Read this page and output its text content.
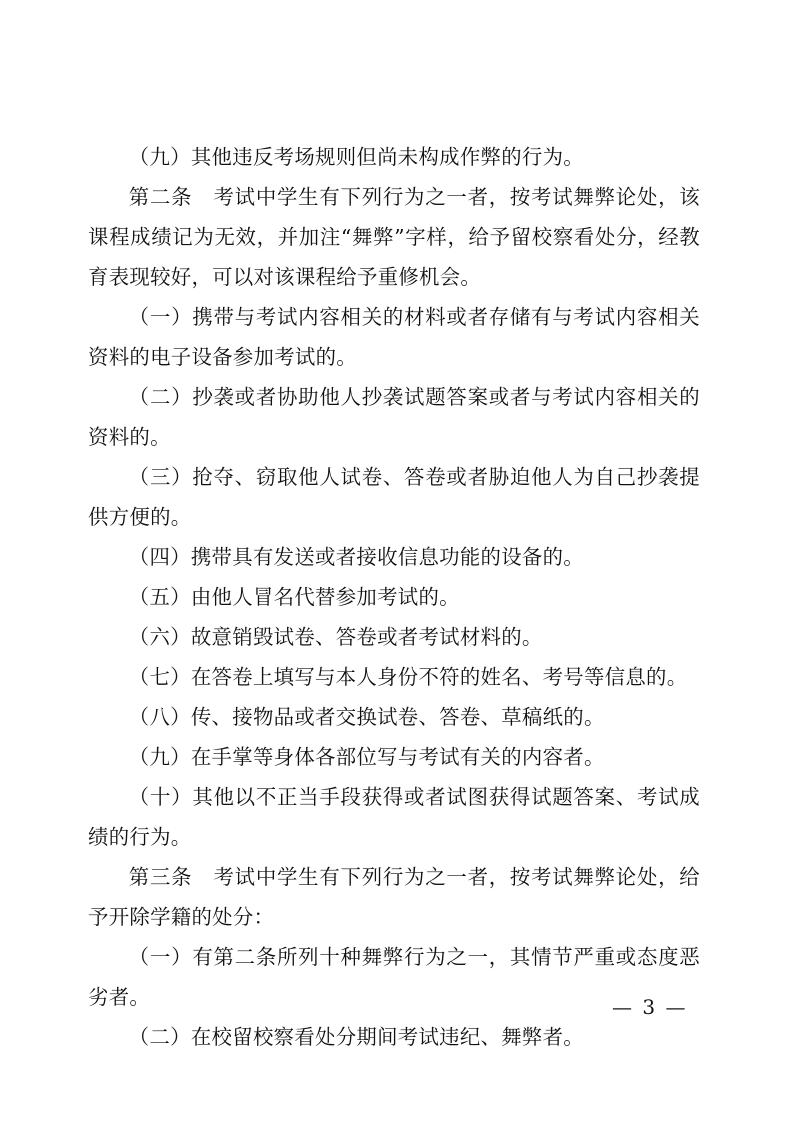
（九）其他违反考场规则但尚未构成作弊的行为。

第二条　考试中学生有下列行为之一者，按考试舞弊论处，该课程成绩记为无效，并加注“舞弊”字样，给予留校察看处分，经教育表现较好，可以对该课程给予重修机会。

（一）携带与考试内容相关的材料或者存储有与考试内容相关资料的电子设备参加考试的。

（二）抄袭或者协助他人抄袭试题答案或者与考试内容相关的资料的。

（三）抢夺、窃取他人试卷、答卷或者胁迫他人为自己抄袭提供方便的。

（四）携带具有发送或者接收信息功能的设备的。

（五）由他人冒名代替参加考试的。

（六）故意销毁试卷、答卷或者考试材料的。

（七）在答卷上填写与本人身份不符的姓名、考号等信息的。

（八）传、接物品或者交换试卷、答卷、草稿纸的。

（九）在手掌等身体各部位写与考试有关的内容者。

（十）其他以不正当手段获得或者试图获得试题答案、考试成绩的行为。

第三条　考试中学生有下列行为之一者，按考试舞弊论处，给予开除学籍的处分：

（一）有第二条所列十种舞弊行为之一，其情节严重或态度恶劣者。

（二）在校留校察看处分期间考试违纪、舞弊者。

— 3 —
